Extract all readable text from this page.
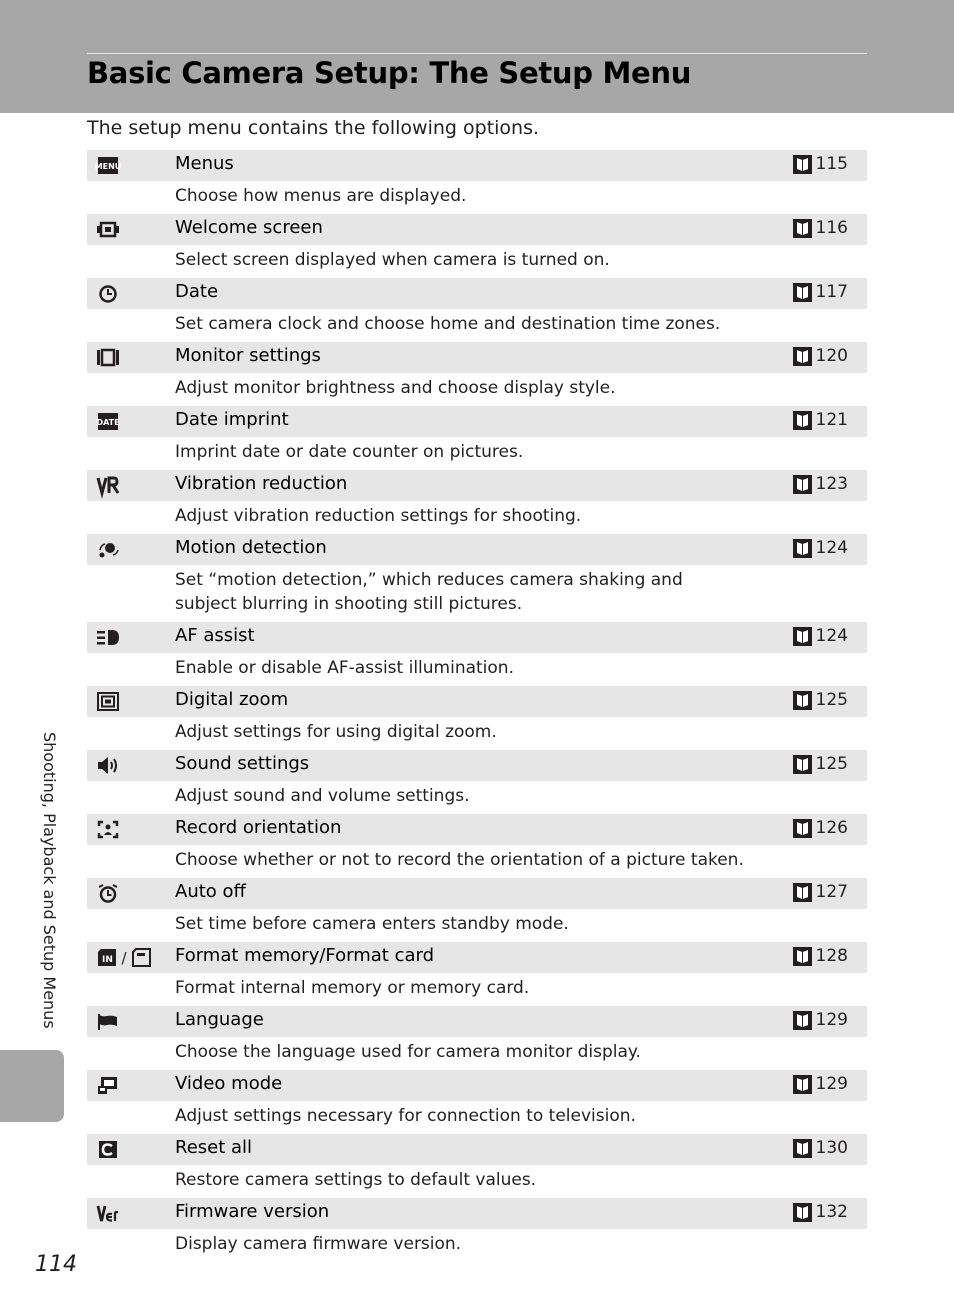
Basic Camera Setup: The Setup Menu
The setup menu contains the following options.
MENU	Menus	115
Choose how menus are displayed.
Welcome screen	116
Select screen displayed when camera is turned on.
Date	117
Set camera clock and choose home and destination time zones.
Monitor settings	120
Adjust monitor brightness and choose display style.
DATE	Date imprint	121
Imprint date or date counter on pictures.
Vibration reduction	123
Adjust vibration reduction settings for shooting.
Motion detection	124
Set “motion detection,” which reduces camera shaking and subject blurring in shooting still pictures.
AF assist	124
Enable or disable AF-assist illumination.
Digital zoom	125
Adjust settings for using digital zoom.
Sound settings	125
Adjust sound and volume settings.
Record orientation	126
Choose whether or not to record the orientation of a picture taken.
Auto off	127
Set time before camera enters standby mode.
IN /	Format memory/Format card	128
Format internal memory or memory card.
Language	129
Choose the language used for camera monitor display.
Video mode	129
Adjust settings necessary for connection to television.
Reset all	130
Restore camera settings to default values.
Firmware version	132
Display camera firmware version.
Shooting, Playback and Setup Menus
114
